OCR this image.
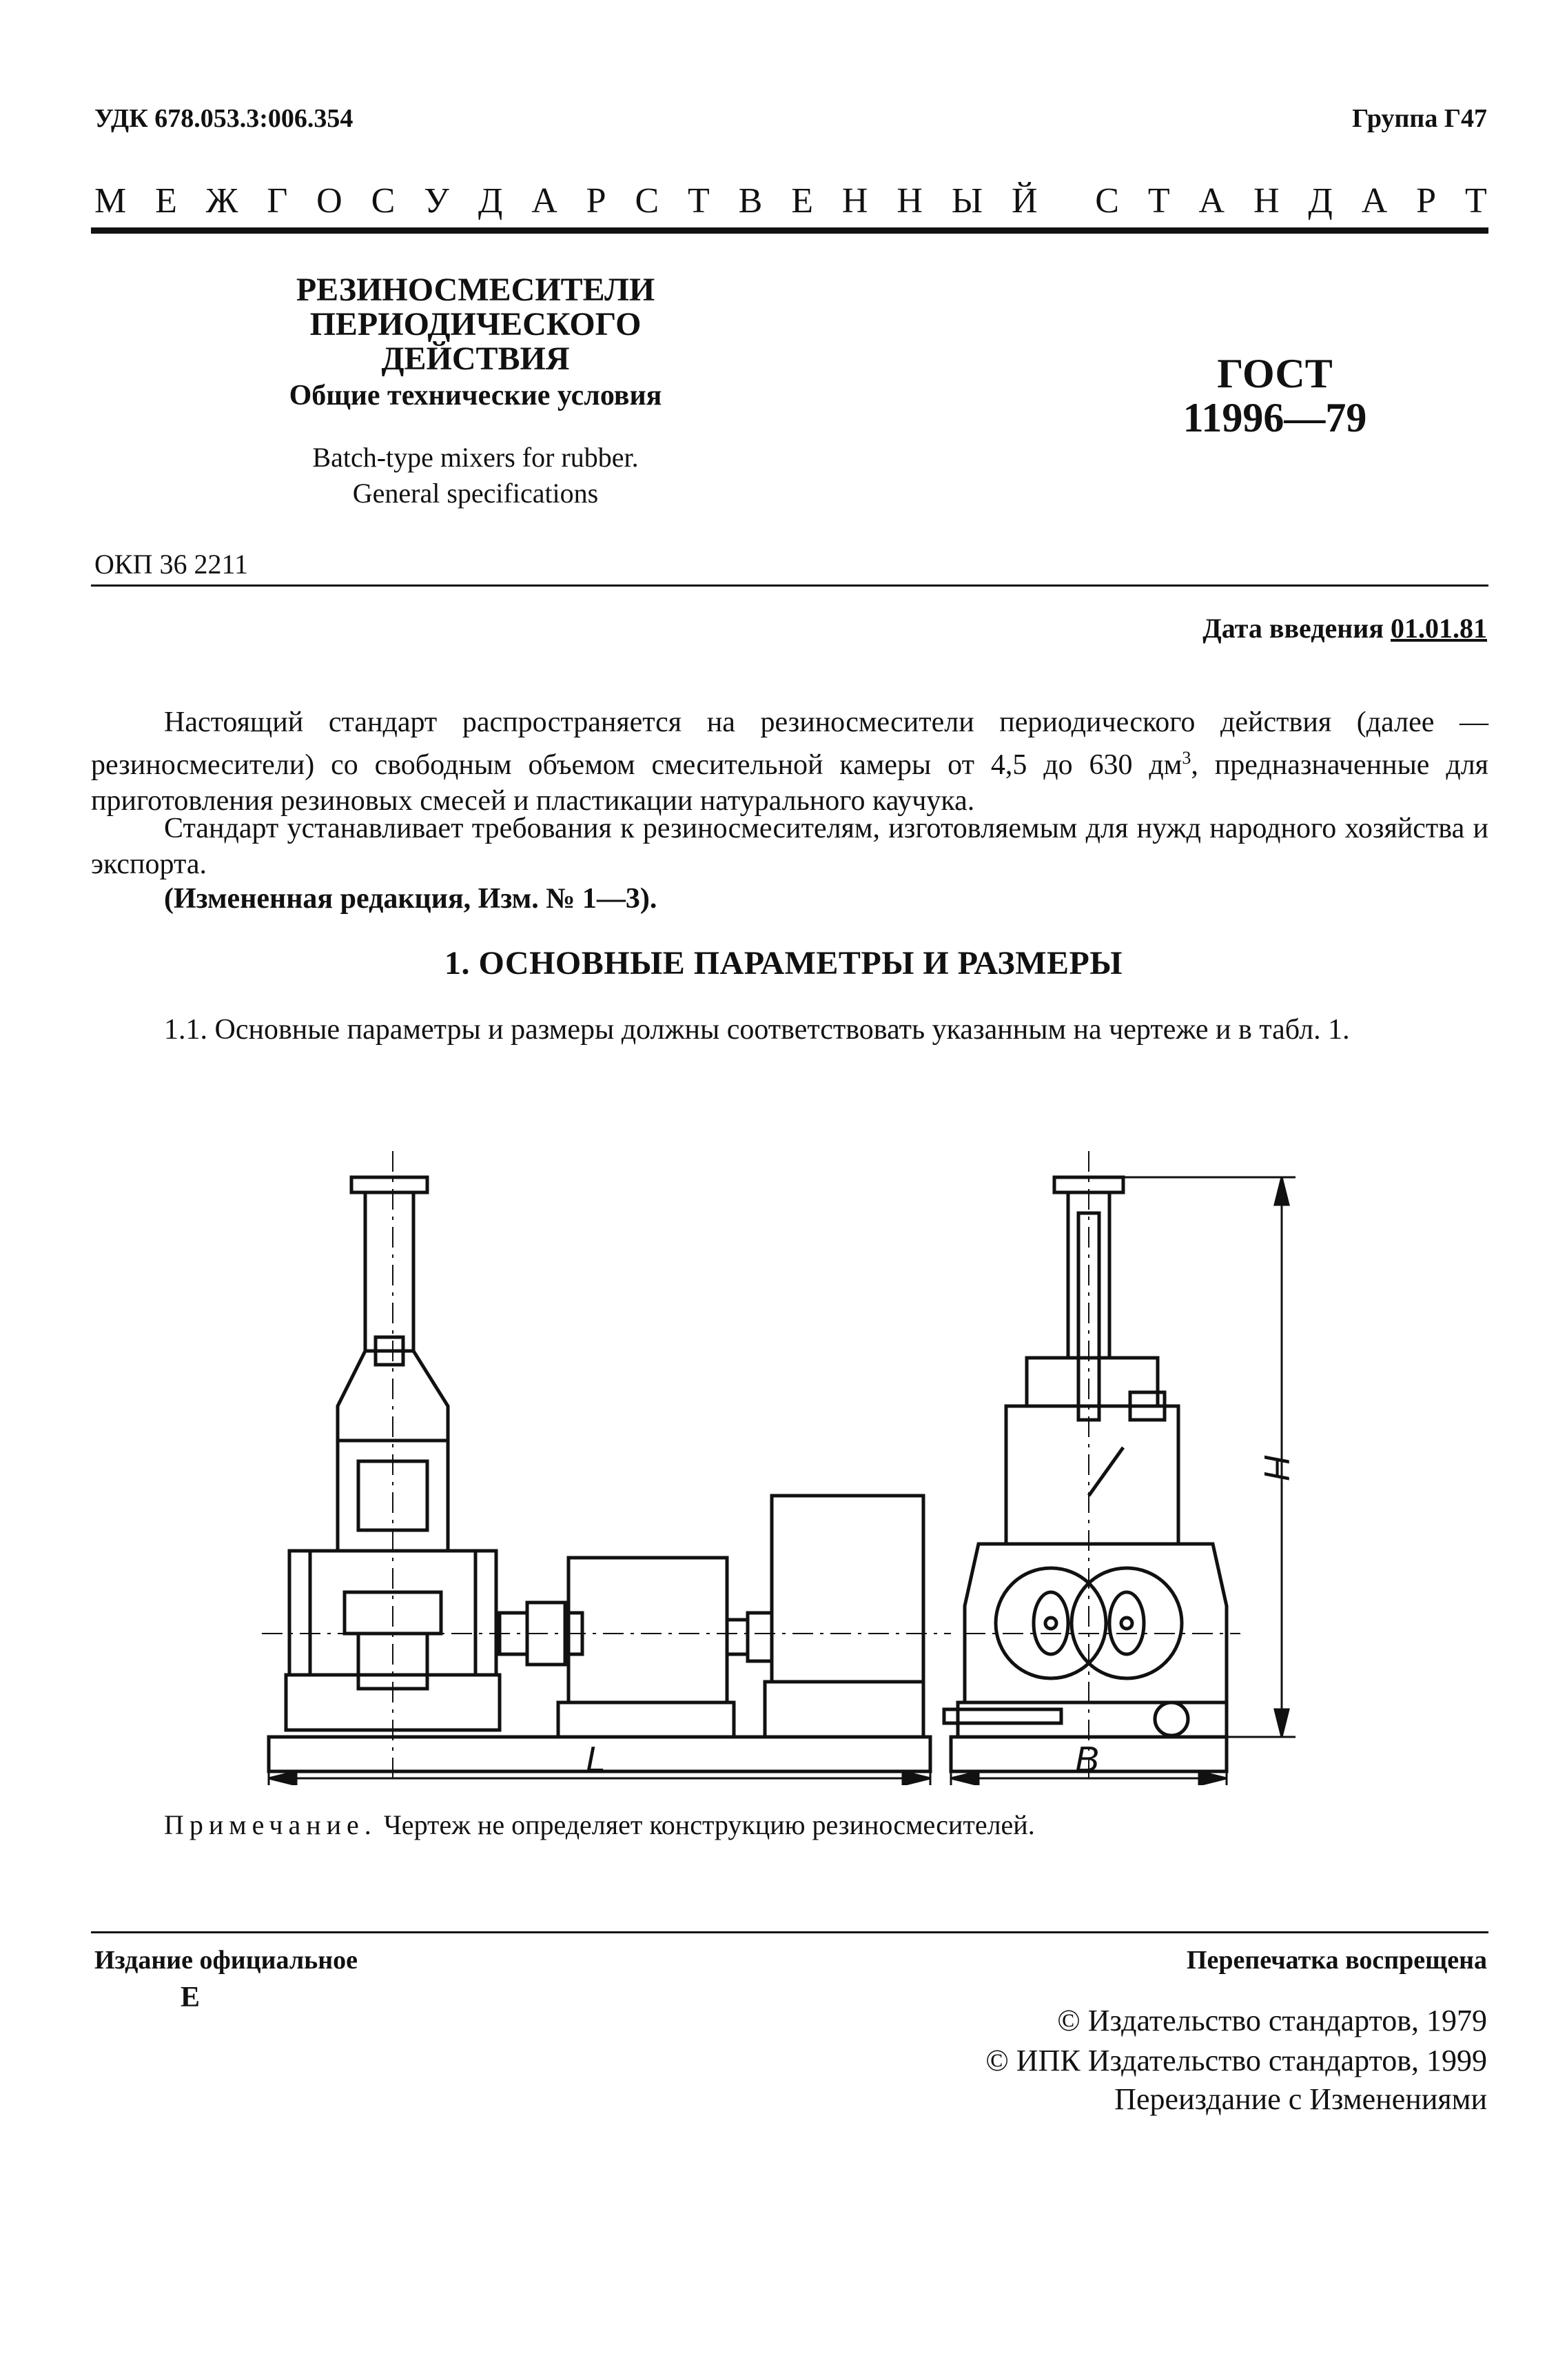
УДК 678.053.3:006.354	Группа Г47
М Е Ж Г О С У Д А Р С Т В Е Н Н Ы Й С Т А Н Д А Р Т
РЕЗИНОСМЕСИТЕЛИ ПЕРИОДИЧЕСКОГО
ДЕЙСТВИЯ
Общие технические условия
Batch-type mixers for rubber.
General specifications
ГОСТ
11996—79
ОКП 36 2211
Дата введения 01.01.81
Настоящий стандарт распространяется на резиносмесители периодического действия (далее — резиносмесители) со свободным объемом смесительной камеры от 4,5 до 630 $дм^3$, предназначенные для приготовления резиновых смесей и пластикации натурального каучука.
Стандарт устанавливает требования к резиносмесителям, изготовляемым для нужд народного хозяйства и экспорта.
(Измененная редакция, Изм. № 1—3).
1. ОСНОВНЫЕ ПАРАМЕТРЫ И РАЗМЕРЫ
1.1. Основные параметры и размеры должны соответствовать указанным на чертеже и в табл. 1.
L	B
H
Примечание. Чертеж не определяет конструкцию резиносмесителей.
Издание официальное
Е
Перепечатка воспрещена
© Издательство стандартов, 1979
© ИПК Издательство стандартов, 1999
Переиздание с Изменениями
